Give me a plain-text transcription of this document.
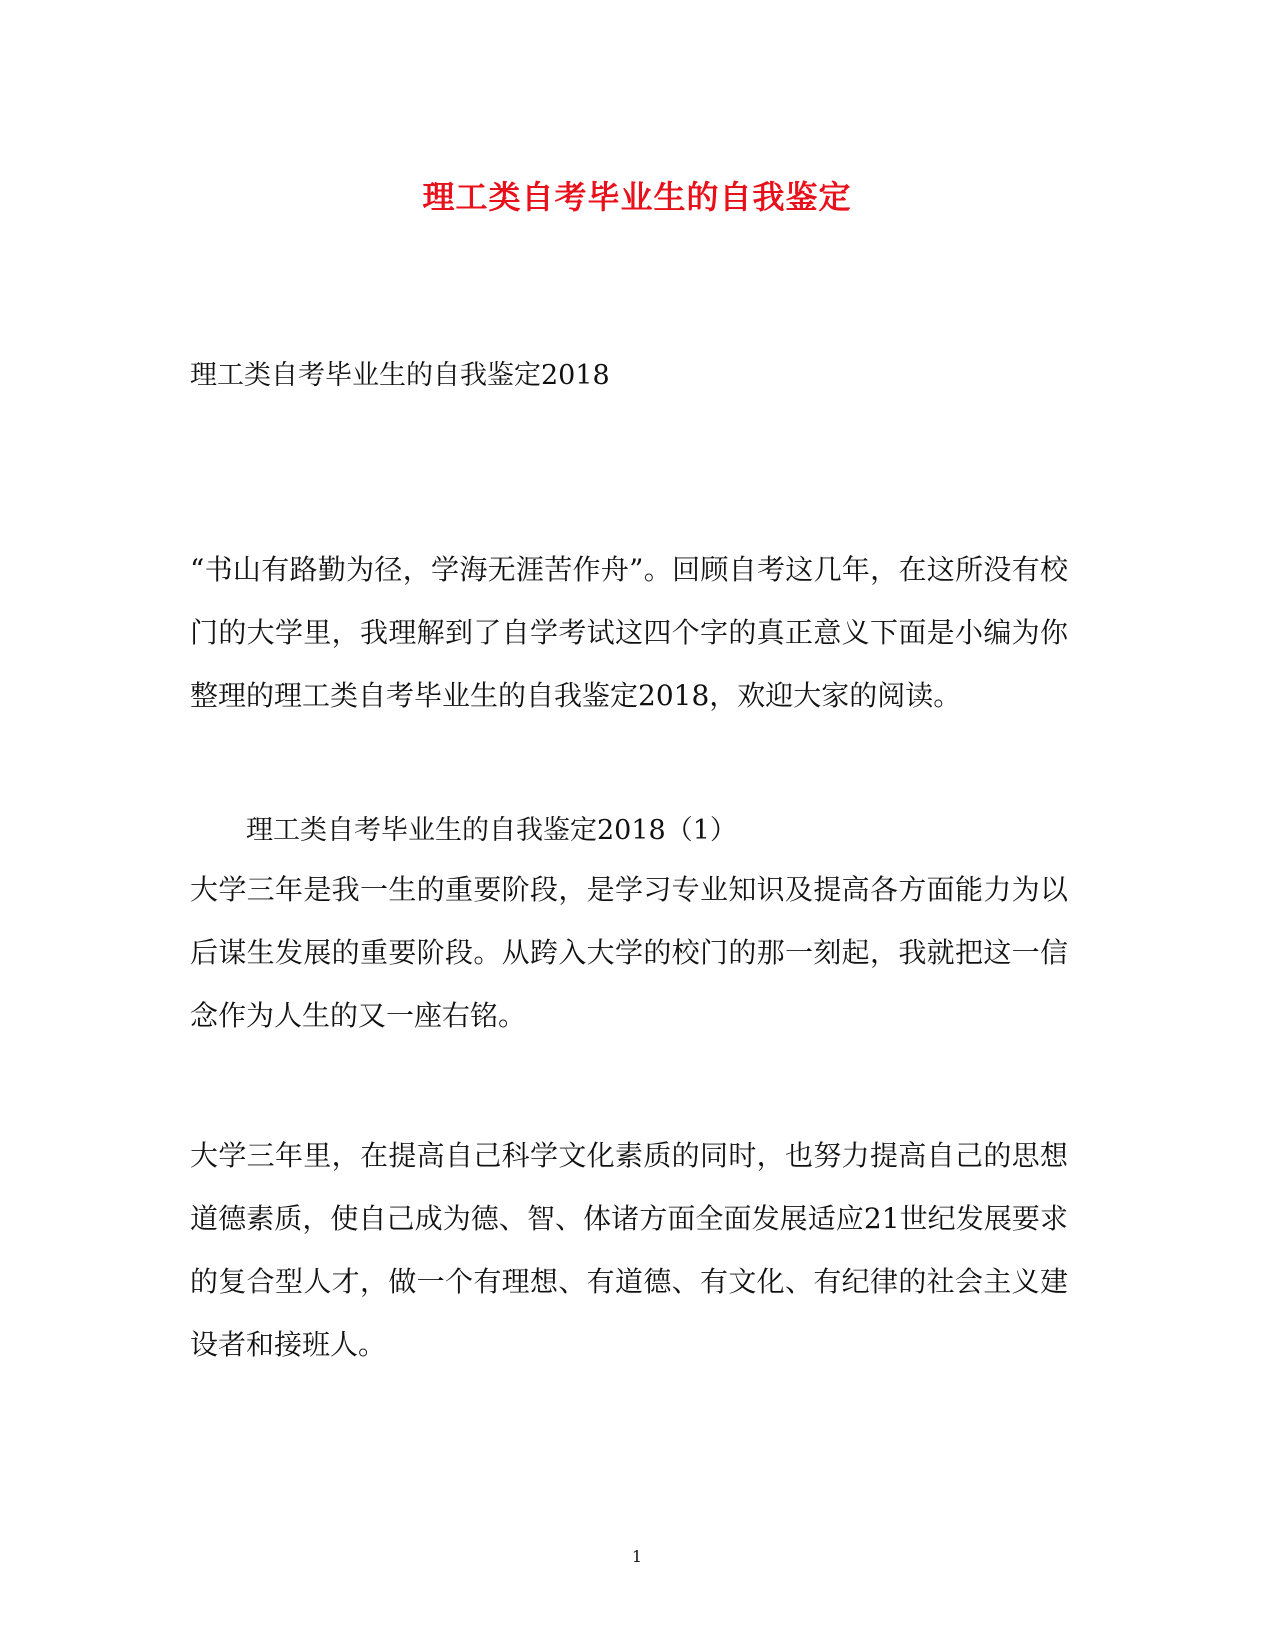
理工类自考毕业生的自我鉴定
理工类自考毕业生的自我鉴定2018

“书山有路勤为径，学海无涯苦作舟”。回顾自考这几年，在这所没有校门的大学里，我理解到了自学考试这四个字的真正意义下面是小编为你整理的理工类自考毕业生的自我鉴定2018，欢迎大家的阅读。

理工类自考毕业生的自我鉴定2018（1）

大学三年是我一生的重要阶段，是学习专业知识及提高各方面能力为以后谋生发展的重要阶段。从跨入大学的校门的那一刻起，我就把这一信念作为人生的又一座右铭。

大学三年里，在提高自己科学文化素质的同时，也努力提高自己的思想道德素质，使自己成为德、智、体诸方面全面发展适应21世纪发展要求的复合型人才，做一个有理想、有道德、有文化、有纪律的社会主义建设者和接班人。

1
